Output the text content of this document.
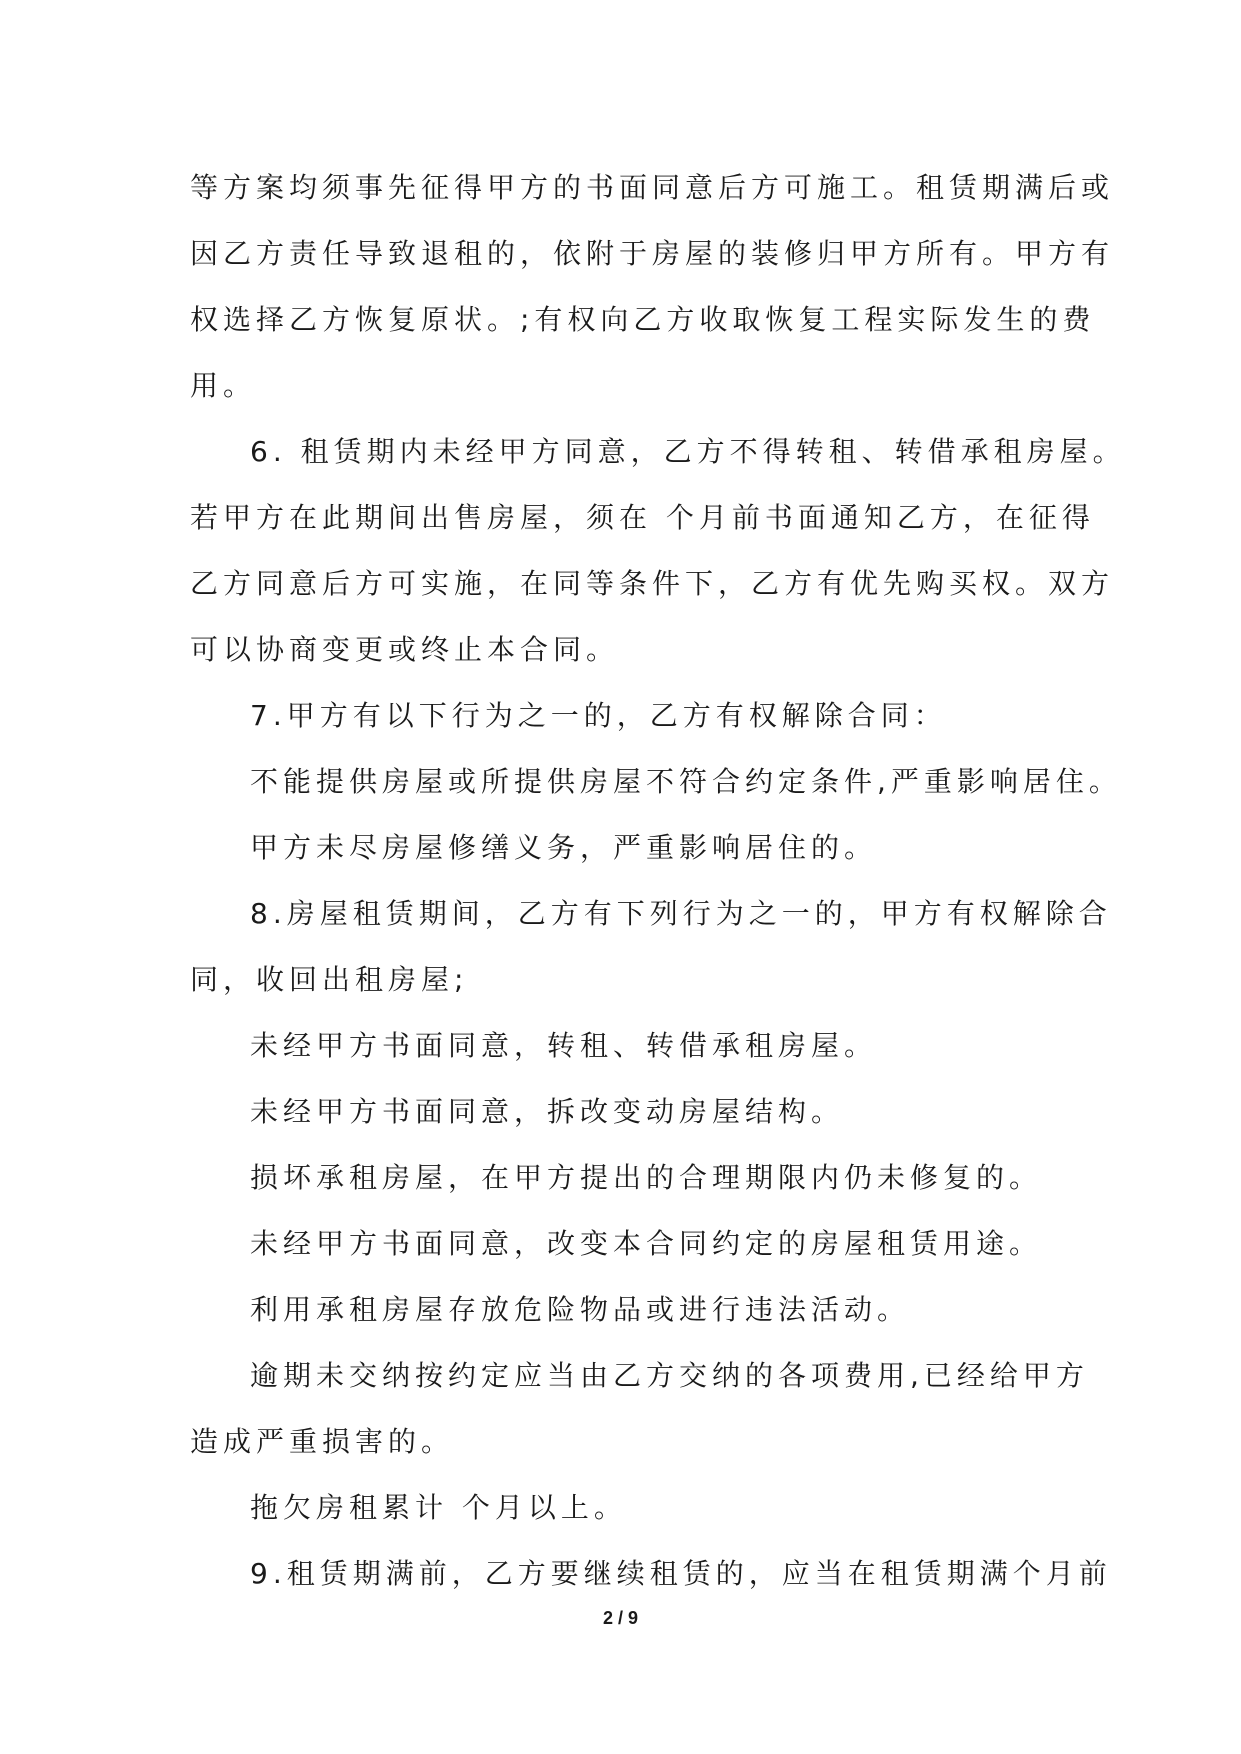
等方案均须事先征得甲方的书面同意后方可施工。租赁期满后或

因乙方责任导致退租的，依附于房屋的装修归甲方所有。甲方有

权选择乙方恢复原状。;有权向乙方收取恢复工程实际发生的费

用。

6. 租赁期内未经甲方同意，乙方不得转租、转借承租房屋。

若甲方在此期间出售房屋，须在 个月前书面通知乙方，在征得

乙方同意后方可实施，在同等条件下，乙方有优先购买权。双方

可以协商变更或终止本合同。

7.甲方有以下行为之一的，乙方有权解除合同：

不能提供房屋或所提供房屋不符合约定条件,严重影响居住。

甲方未尽房屋修缮义务，严重影响居住的。

8.房屋租赁期间，乙方有下列行为之一的，甲方有权解除合

同，收回出租房屋;

未经甲方书面同意，转租、转借承租房屋。

未经甲方书面同意，拆改变动房屋结构。

损坏承租房屋，在甲方提出的合理期限内仍未修复的。

未经甲方书面同意，改变本合同约定的房屋租赁用途。

利用承租房屋存放危险物品或进行违法活动。

逾期未交纳按约定应当由乙方交纳的各项费用,已经给甲方

造成严重损害的。

拖欠房租累计 个月以上。

9.租赁期满前，乙方要继续租赁的，应当在租赁期满个月前

2 / 9
